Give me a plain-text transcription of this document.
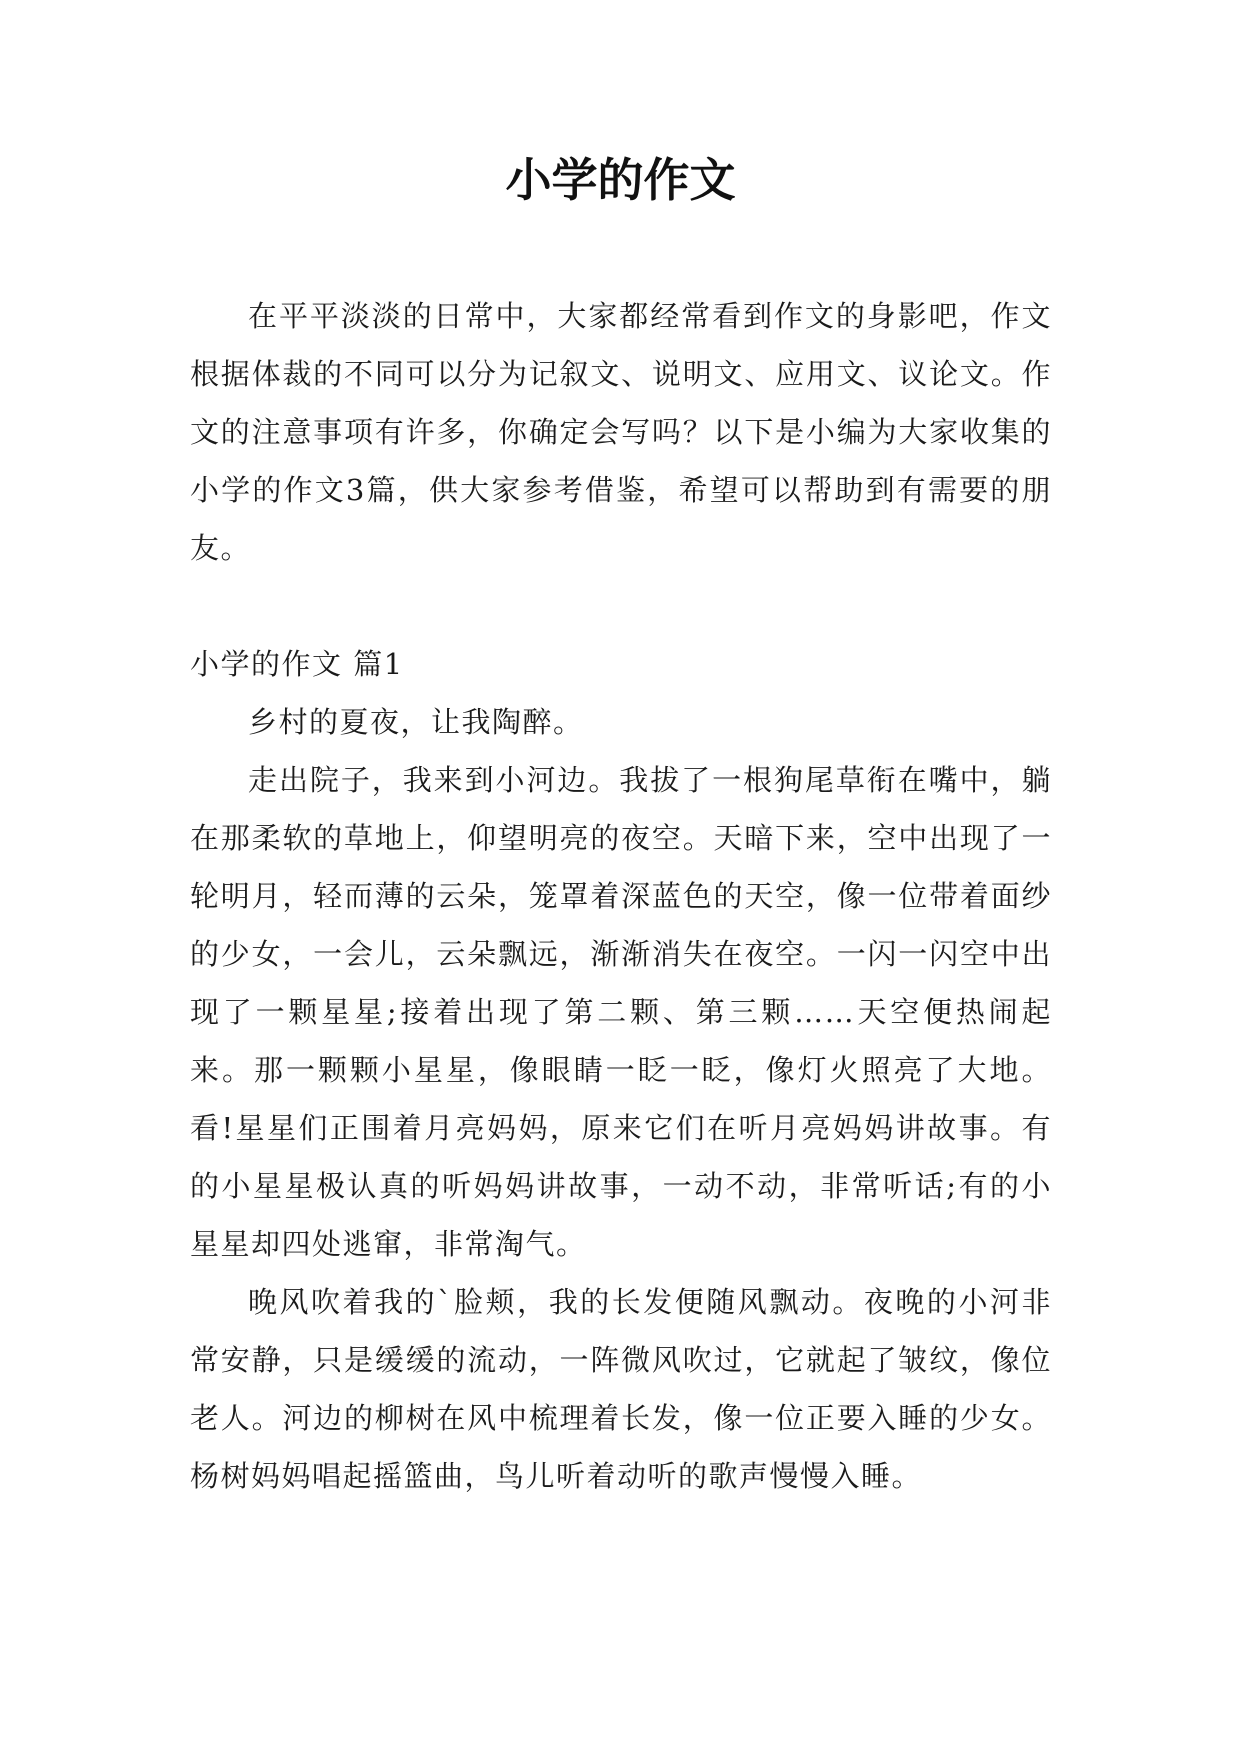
小学的作文

在平平淡淡的日常中，大家都经常看到作文的身影吧，作文根据体裁的不同可以分为记叙文、说明文、应用文、议论文。作文的注意事项有许多，你确定会写吗？以下是小编为大家收集的小学的作文3篇，供大家参考借鉴，希望可以帮助到有需要的朋友。

小学的作文 篇1

乡村的夏夜，让我陶醉。

走出院子，我来到小河边。我拔了一根狗尾草衔在嘴中，躺在那柔软的草地上，仰望明亮的夜空。天暗下来，空中出现了一轮明月，轻而薄的云朵，笼罩着深蓝色的天空，像一位带着面纱的少女，一会儿，云朵飘远，渐渐消失在夜空。一闪一闪空中出现了一颗星星;接着出现了第二颗、第三颗……天空便热闹起来。那一颗颗小星星，像眼睛一眨一眨，像灯火照亮了大地。看!星星们正围着月亮妈妈，原来它们在听月亮妈妈讲故事。有的小星星极认真的听妈妈讲故事，一动不动，非常听话;有的小星星却四处逃窜，非常淘气。

晚风吹着我的`脸颊，我的长发便随风飘动。夜晚的小河非常安静，只是缓缓的流动，一阵微风吹过，它就起了皱纹，像位老人。河边的柳树在风中梳理着长发，像一位正要入睡的少女。杨树妈妈唱起摇篮曲，鸟儿听着动听的歌声慢慢入睡。
